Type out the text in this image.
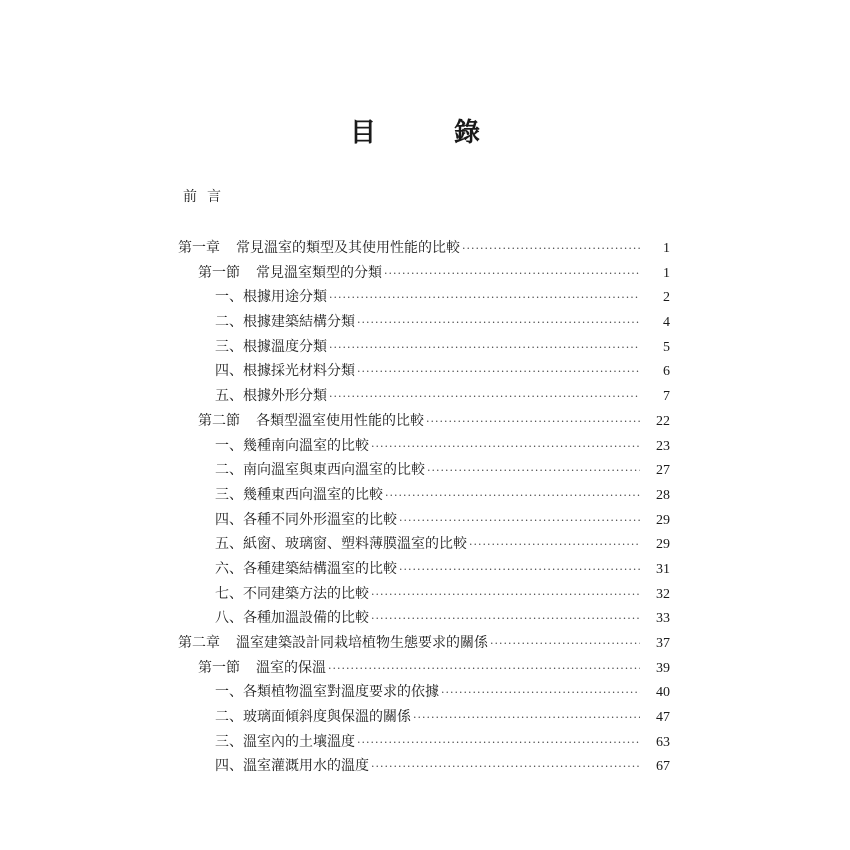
目	錄
前言
第一章 常見溫室的類型及其使用性能的比較 ·····	1
第一節 常見溫室類型的分類 ·····	1
一、根據用途分類 ·····	2
二、根據建築結構分類 ·····	4
三、根據溫度分類 ·····	5
四、根據採光材料分類 ·····	6
五、根據外形分類 ·····	7
第二節 各類型溫室使用性能的比較 ·····	22
一、幾種南向溫室的比較 ·····	23
二、南向溫室與東西向溫室的比較 ·····	27
三、幾種東西向溫室的比較 ·····	28
四、各種不同外形溫室的比較 ·····	29
五、紙窗、玻璃窗、塑料薄膜溫室的比較 ·····	29
六、各種建築結構溫室的比較 ·····	31
七、不同建築方法的比較 ·····	32
八、各種加溫設備的比較 ·····	33
第二章 溫室建築設計同栽培植物生態要求的關係 ·····	37
第一節 溫室的保溫 ·····	39
一、各類植物溫室對溫度要求的依據 ·····	40
二、玻璃面傾斜度與保溫的關係 ·····	47
三、溫室內的土壤溫度 ·····	63
四、溫室灌溉用水的溫度 ·····	67
